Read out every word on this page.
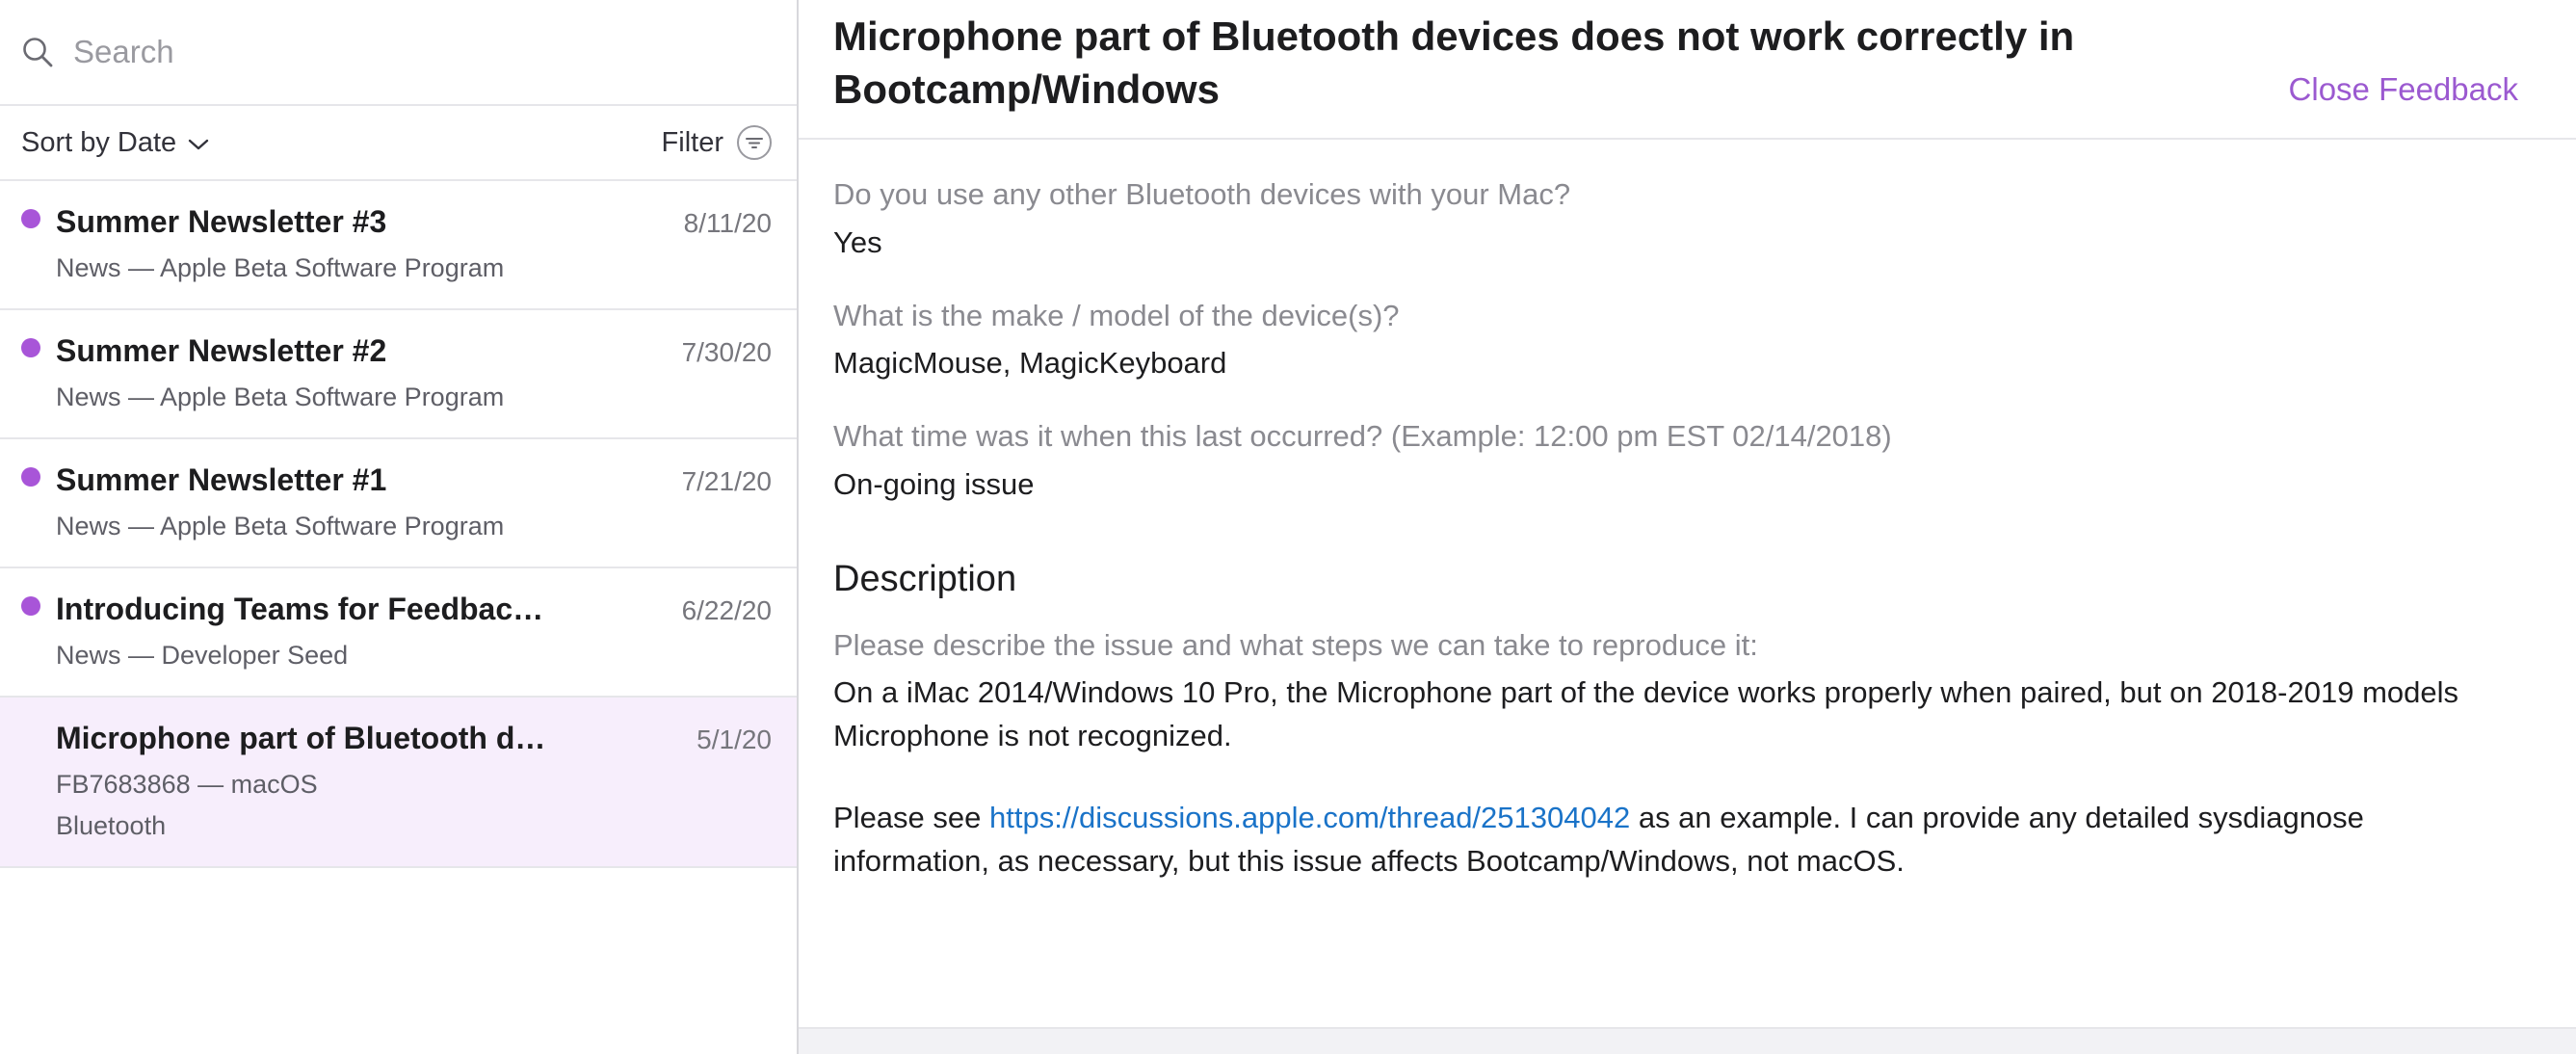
Search
Sort by Date	Filter
Summer Newsletter #3	8/11/20
News — Apple Beta Software Program
Summer Newsletter #2	7/30/20
News — Apple Beta Software Program
Summer Newsletter #1	7/21/20
News — Apple Beta Software Program
Introducing Teams for Feedbac…	6/22/20
News — Developer Seed
Microphone part of Bluetooth d…	5/1/20
FB7683868 — macOS
Bluetooth
Microphone part of Bluetooth devices does not work correctly in Bootcamp/Windows	Close Feedback
Do you use any other Bluetooth devices with your Mac?
Yes
What is the make / model of the device(s)?
MagicMouse, MagicKeyboard
What time was it when this last occurred? (Example: 12:00 pm EST 02/14/2018)
On-going issue
Description
Please describe the issue and what steps we can take to reproduce it:
On a iMac 2014/Windows 10 Pro, the Microphone part of the device works properly when paired, but on 2018-2019 models Microphone is not recognized.
Please see https://discussions.apple.com/thread/251304042 as an example. I can provide any detailed sysdiagnose information, as necessary, but this issue affects Bootcamp/Windows, not macOS.
